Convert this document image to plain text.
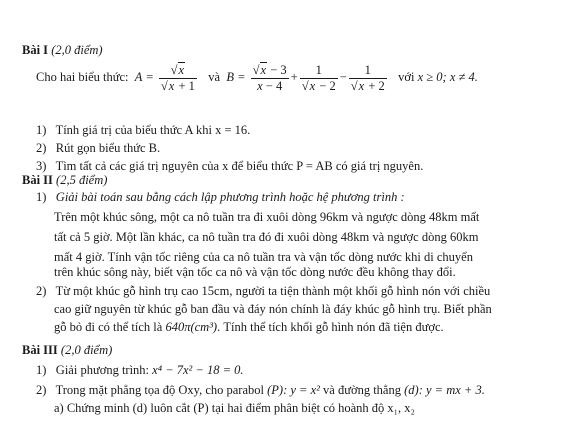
Bài I (2,0 điểm)
Cho hai biểu thức: $A = \frac{√x}{√x + 1}$ và $B = \frac{√x - 3}{x - 4} + \frac{1}{√x - 2} - \frac{1}{√x + 2}$ với x ≥ 0; x ≠ 4.
1) Tính giá trị của biểu thức A khi x = 16.
2) Rút gọn biểu thức B.
3) Tìm tất cả các giá trị nguyên của x để biểu thức P = AB có giá trị nguyên.
Bài II (2,5 điểm)
1) Giải bài toán sau bằng cách lập phương trình hoặc hệ phương trình :
Trên một khúc sông, một ca nô tuần tra đi xuôi dòng 96km và ngược dòng 48km mất
tất cả 5 giờ. Một lần khác, ca nô tuần tra đó đi xuôi dòng 48km và ngược dòng 60km
mất 4 giờ. Tính vận tốc riêng của ca nô tuần tra và vận tốc dòng nước khi di chuyển
trên khúc sông này, biết vận tốc ca nô và vận tốc dòng nước đều không thay đổi.
2) Từ một khúc gỗ hình trụ cao 15cm, người ta tiện thành một khối gỗ hình nón với chiều
cao giữ nguyên từ khúc gỗ ban đầu và đáy nón chính là đáy khúc gỗ hình trụ. Biết phần
gỗ bỏ đi có thể tích là 640π(cm³). Tính thể tích khối gỗ hình nón đã tiện được.
Bài III (2,0 điểm)
1) Giải phương trình: x⁴ − 7x² − 18 = 0.
2) Trong mặt phẳng tọa độ Oxy, cho parabol (P): y = x² và đường thẳng (d): y = mx + 3.
a) Chứng minh (d) luôn cắt (P) tại hai điểm phân biệt có hoành độ x₁, x₂
